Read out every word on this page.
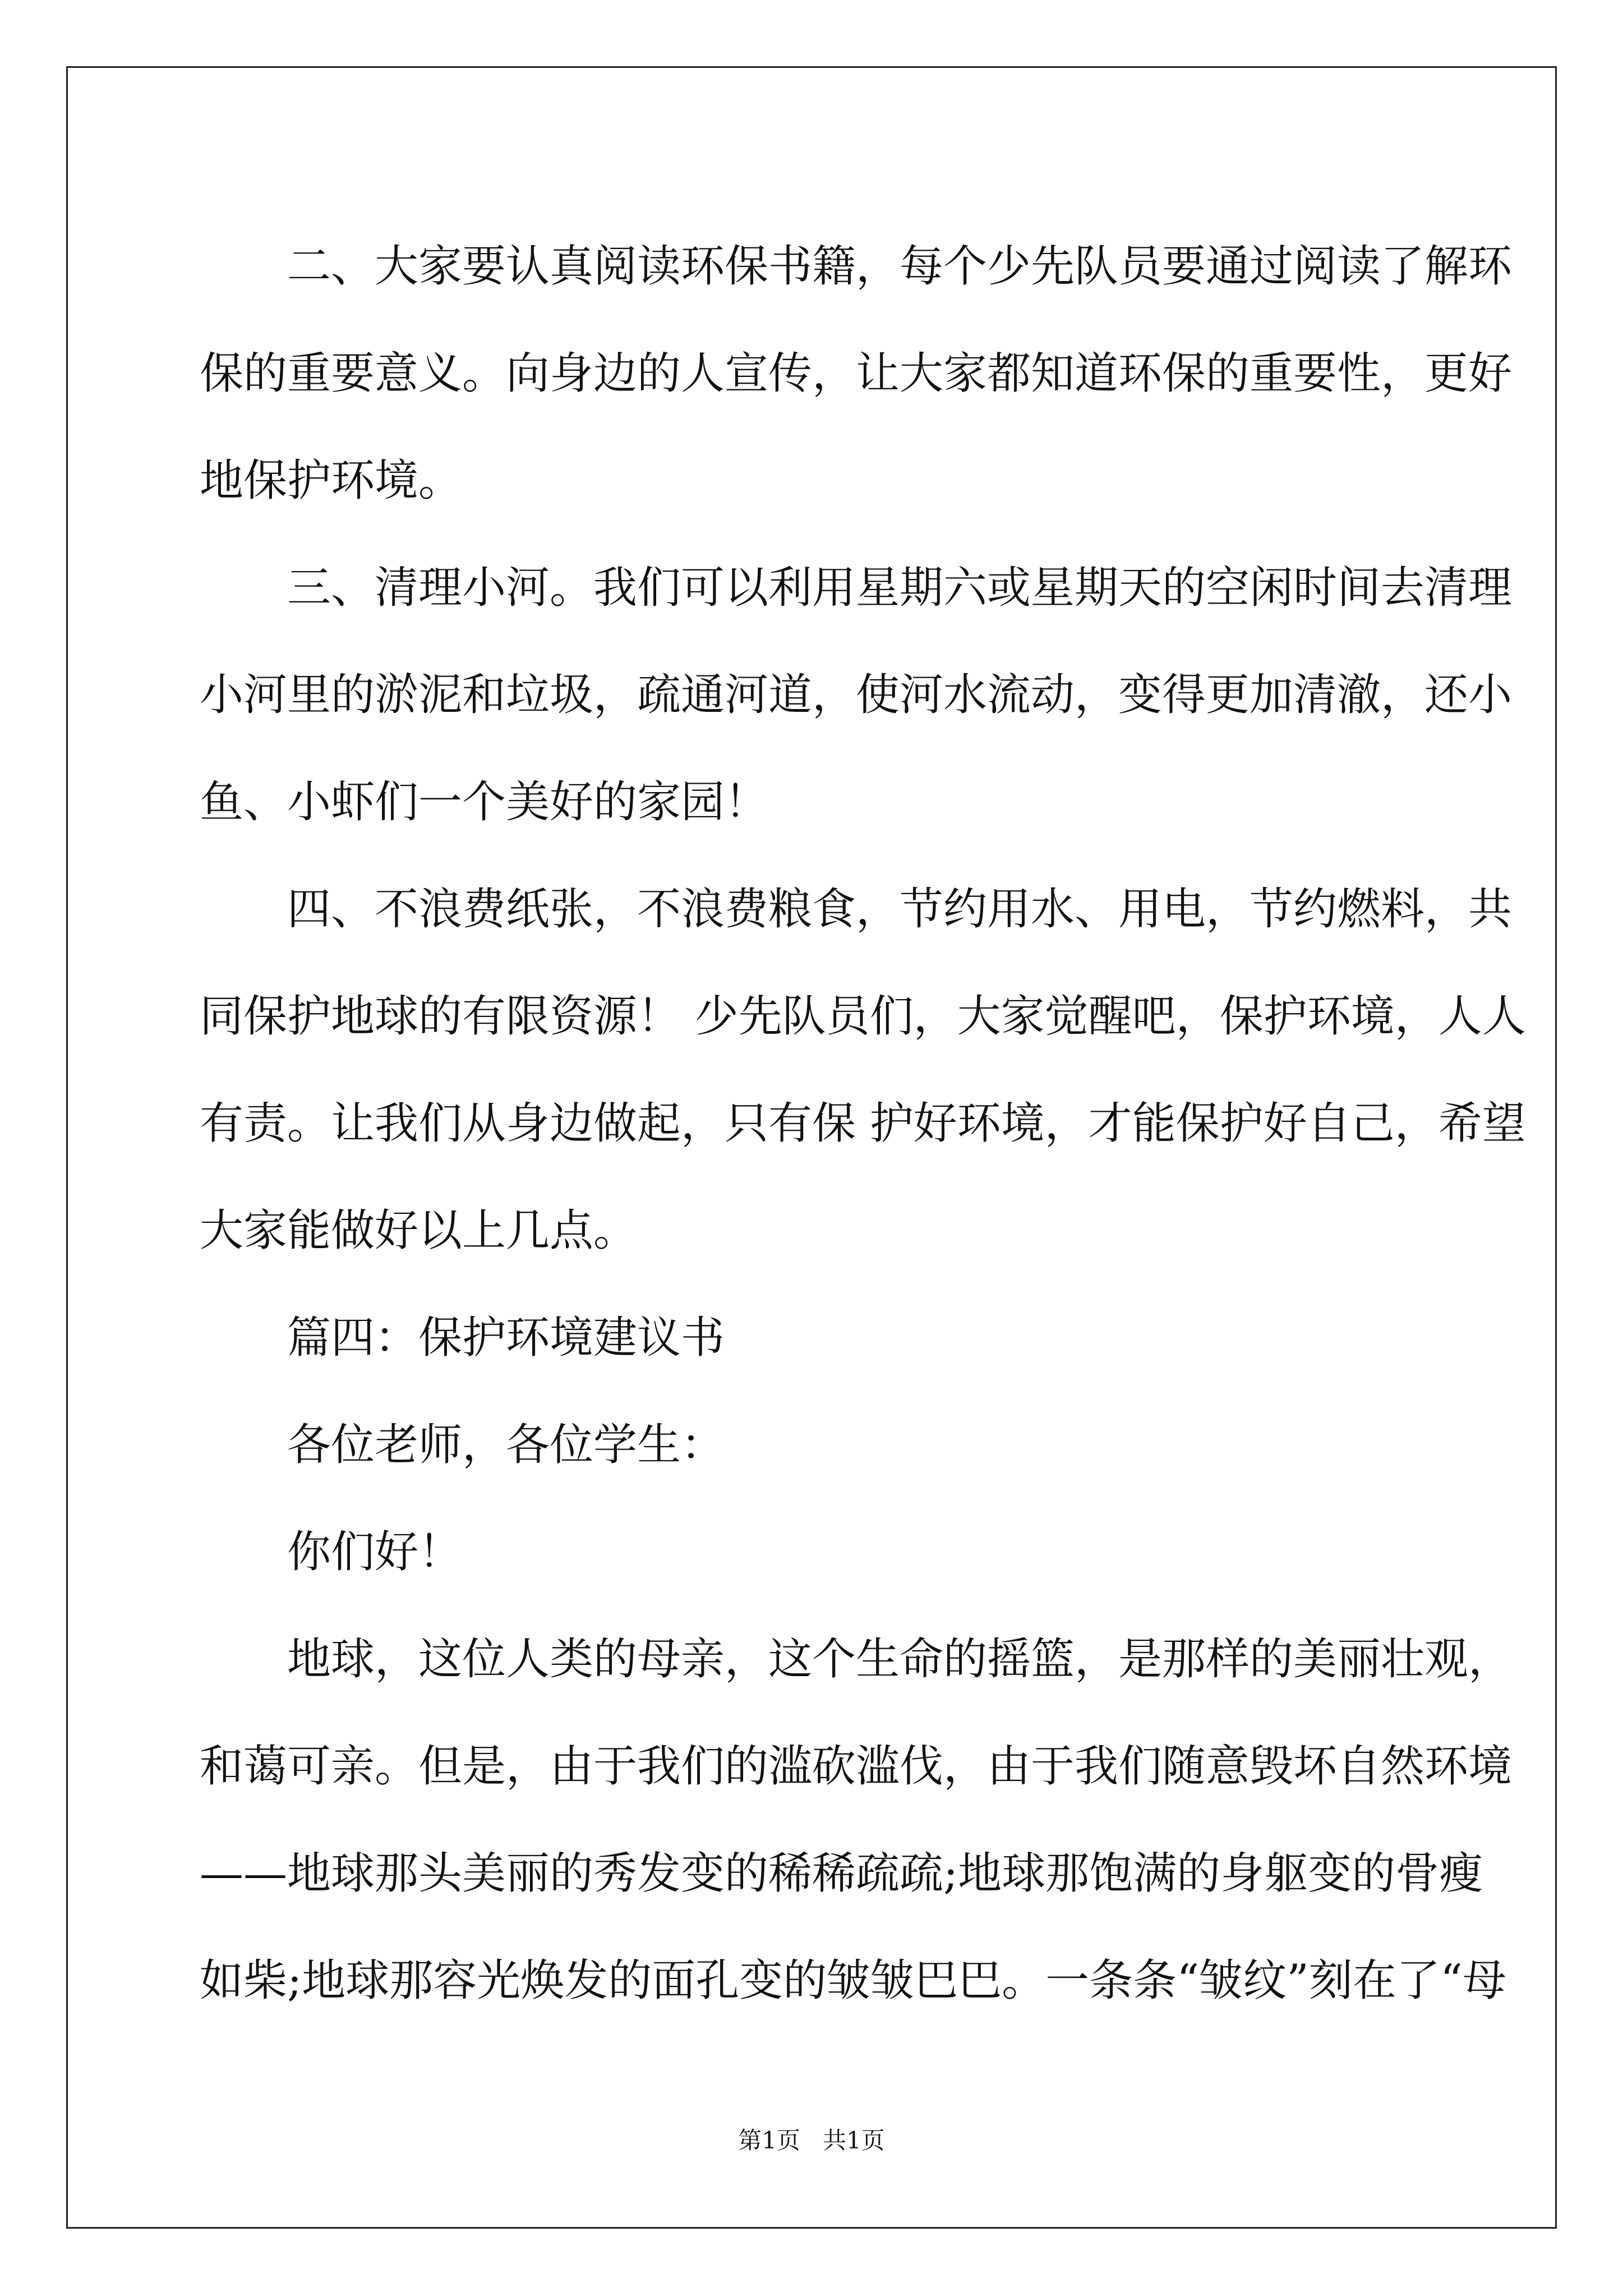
二、大家要认真阅读环保书籍，每个少先队员要通过阅读了解环
保的重要意义。向身边的人宣传，让大家都知道环保的重要性，更好
地保护环境。

三、清理小河。我们可以利用星期六或星期天的空闲时间去清理
小河里的淤泥和垃圾，疏通河道，使河水流动，变得更加清澈，还小
鱼、小虾们一个美好的家园！

四、不浪费纸张，不浪费粮食，节约用水、用电，节约燃料，共
同保护地球的有限资源！ 少先队员们，大家觉醒吧，保护环境，人人
有责。让我们从身边做起，只有保 护好环境，才能保护好自己，希望
大家能做好以上几点。

篇四：保护环境建议书

各位老师，各位学生：

你们好！

地球，这位人类的母亲，这个生命的摇篮，是那样的美丽壮观，
和蔼可亲。但是，由于我们的滥砍滥伐，由于我们随意毁坏自然环境
——地球那头美丽的秀发变的稀稀疏疏;地球那饱满的身躯变的骨瘦
如柴;地球那容光焕发的面孔变的皱皱巴巴。一条条“皱纹”刻在了“母

第1页 共1页
